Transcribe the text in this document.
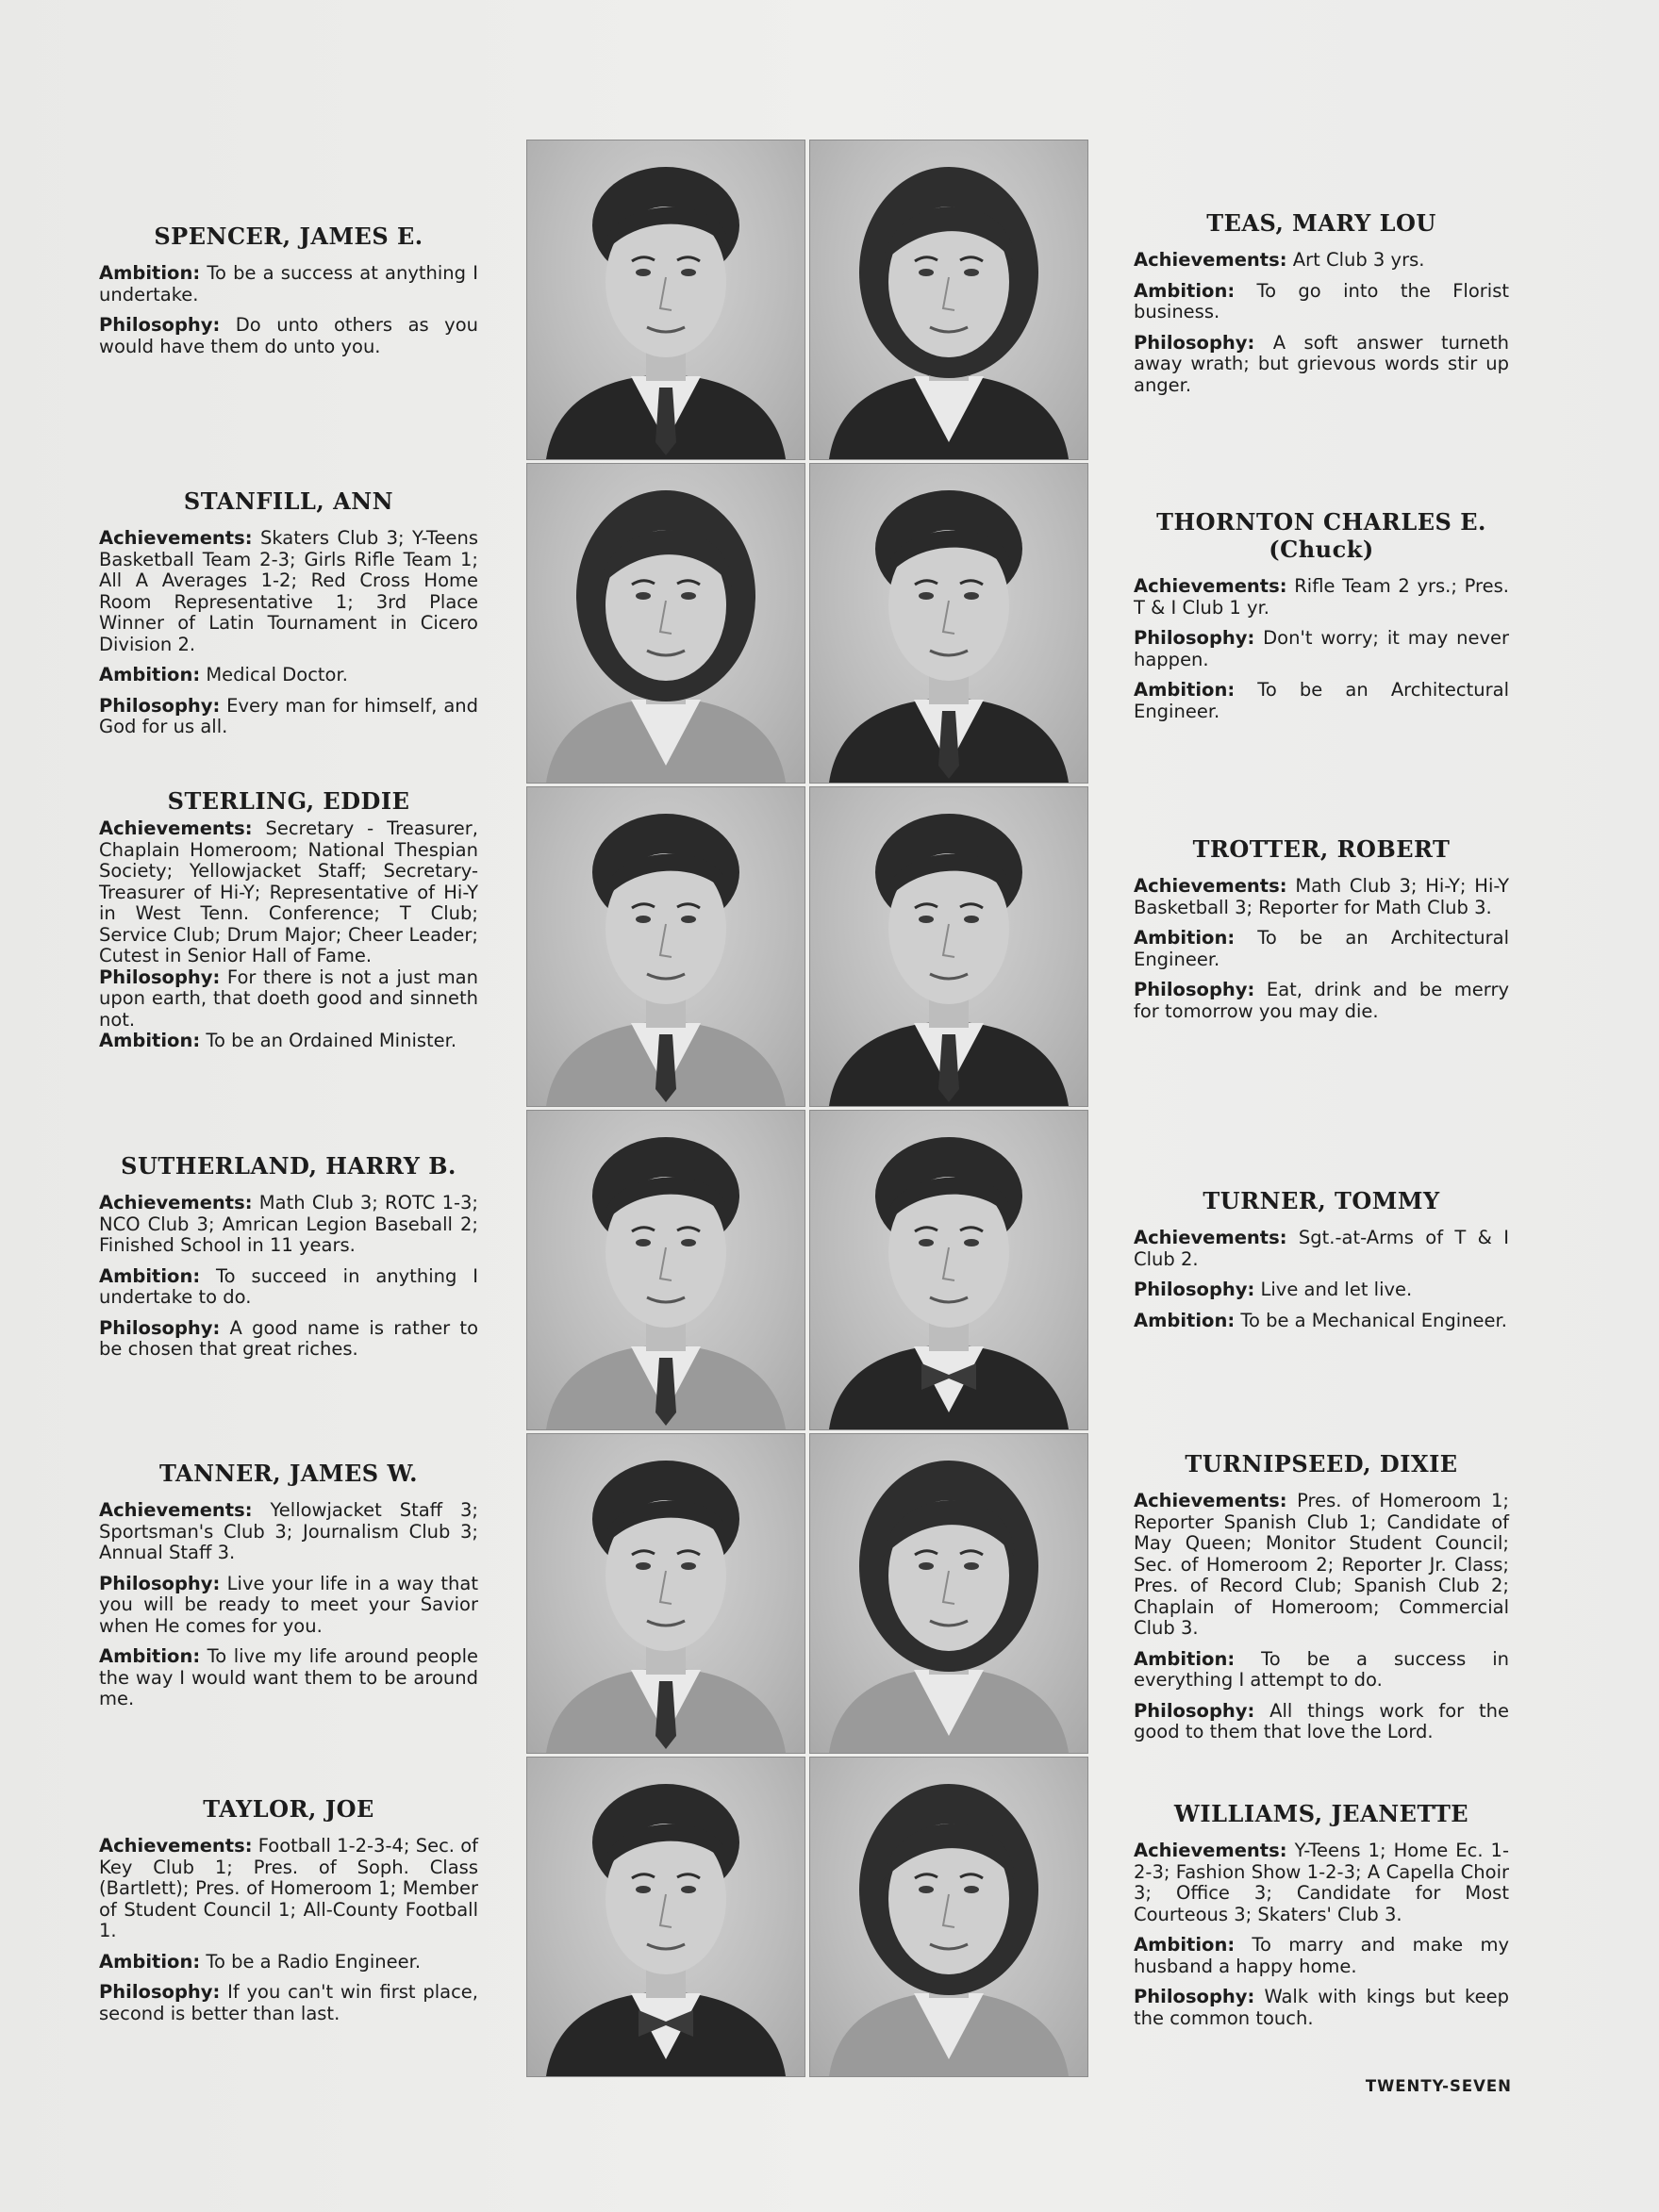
SPENCER, JAMES E.
Ambition: To be a success at anything I undertake.
Philosophy: Do unto others as you would have them do unto you.
STANFILL, ANN
Achievements: Skaters Club 3; Y-Teens Basketball Team 2-3; Girls Rifle Team 1; All A Averages 1-2; Red Cross Home Room Representative 1; 3rd Place Winner of Latin Tournament in Cicero Division 2.
Ambition: Medical Doctor.
Philosophy: Every man for himself, and God for us all.
STERLING, EDDIE
Achievements: Secretary - Treasurer, Chaplain Homeroom; National Thespian Society; Yellowjacket Staff; Secretary-Treasurer of Hi-Y; Representative of Hi-Y in West Tenn. Conference; T Club; Service Club; Drum Major; Cheer Leader; Cutest in Senior Hall of Fame.
Philosophy: For there is not a just man upon earth, that doeth good and sinneth not.
Ambition: To be an Ordained Minister.
SUTHERLAND, HARRY B.
Achievements: Math Club 3; ROTC 1-3; NCO Club 3; Amrican Legion Baseball 2; Finished School in 11 years.
Ambition: To succeed in anything I undertake to do.
Philosophy: A good name is rather to be chosen that great riches.
TANNER, JAMES W.
Achievements: Yellowjacket Staff 3; Sportsman's Club 3; Journalism Club 3; Annual Staff 3.
Philosophy: Live your life in a way that you will be ready to meet your Savior when He comes for you.
Ambition: To live my life around people the way I would want them to be around me.
TAYLOR, JOE
Achievements: Football 1-2-3-4; Sec. of Key Club 1; Pres. of Soph. Class (Bartlett); Pres. of Homeroom 1; Member of Student Council 1; All-County Football 1.
Ambition: To be a Radio Engineer.
Philosophy: If you can't win first place, second is better than last.
TEAS, MARY LOU
Achievements: Art Club 3 yrs.
Ambition: To go into the Florist business.
Philosophy: A soft answer turneth away wrath; but grievous words stir up anger.
THORNTON CHARLES E.
(Chuck)
Achievements: Rifle Team 2 yrs.; Pres. T & I Club 1 yr.
Philosophy: Don't worry; it may never happen.
Ambition: To be an Architectural Engineer.
TROTTER, ROBERT
Achievements: Math Club 3; Hi-Y; Hi-Y Basketball 3; Reporter for Math Club 3.
Ambition: To be an Architectural Engineer.
Philosophy: Eat, drink and be merry for tomorrow you may die.
TURNER, TOMMY
Achievements: Sgt.-at-Arms of T & I Club 2.
Philosophy: Live and let live.
Ambition: To be a Mechanical Engineer.
TURNIPSEED, DIXIE
Achievements: Pres. of Homeroom 1; Reporter Spanish Club 1; Candidate of May Queen; Monitor Student Council; Sec. of Homeroom 2; Reporter Jr. Class; Pres. of Record Club; Spanish Club 2; Chaplain of Homeroom; Commercial Club 3.
Ambition: To be a success in everything I attempt to do.
Philosophy: All things work for the good to them that love the Lord.
WILLIAMS, JEANETTE
Achievements: Y-Teens 1; Home Ec. 1-2-3; Fashion Show 1-2-3; A Capella Choir 3; Office 3; Candidate for Most Courteous 3; Skaters' Club 3.
Ambition: To marry and make my husband a happy home.
Philosophy: Walk with kings but keep the common touch.
TWENTY-SEVEN
